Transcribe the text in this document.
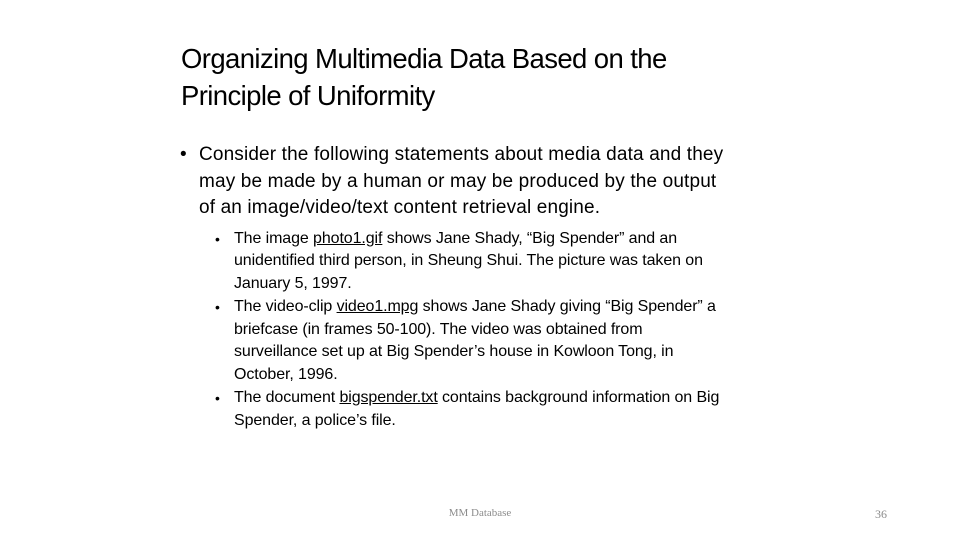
Organizing Multimedia Data Based on the
Principle of Uniformity
• Consider the following statements about media data and they
may be made by a human or may be produced by the output
of an image/video/text content retrieval engine.
• The image photo1.gif shows Jane Shady, “Big Spender” and an
unidentified third person, in Sheung Shui. The picture was taken on
January 5, 1997.
• The video-clip video1.mpg shows Jane Shady giving “Big Spender” a
briefcase (in frames 50-100). The video was obtained from
surveillance set up at Big Spender’s house in Kowloon Tong, in
October, 1996.
• The document bigspender.txt contains background information on Big
Spender, a police’s file.
MM Database	36
